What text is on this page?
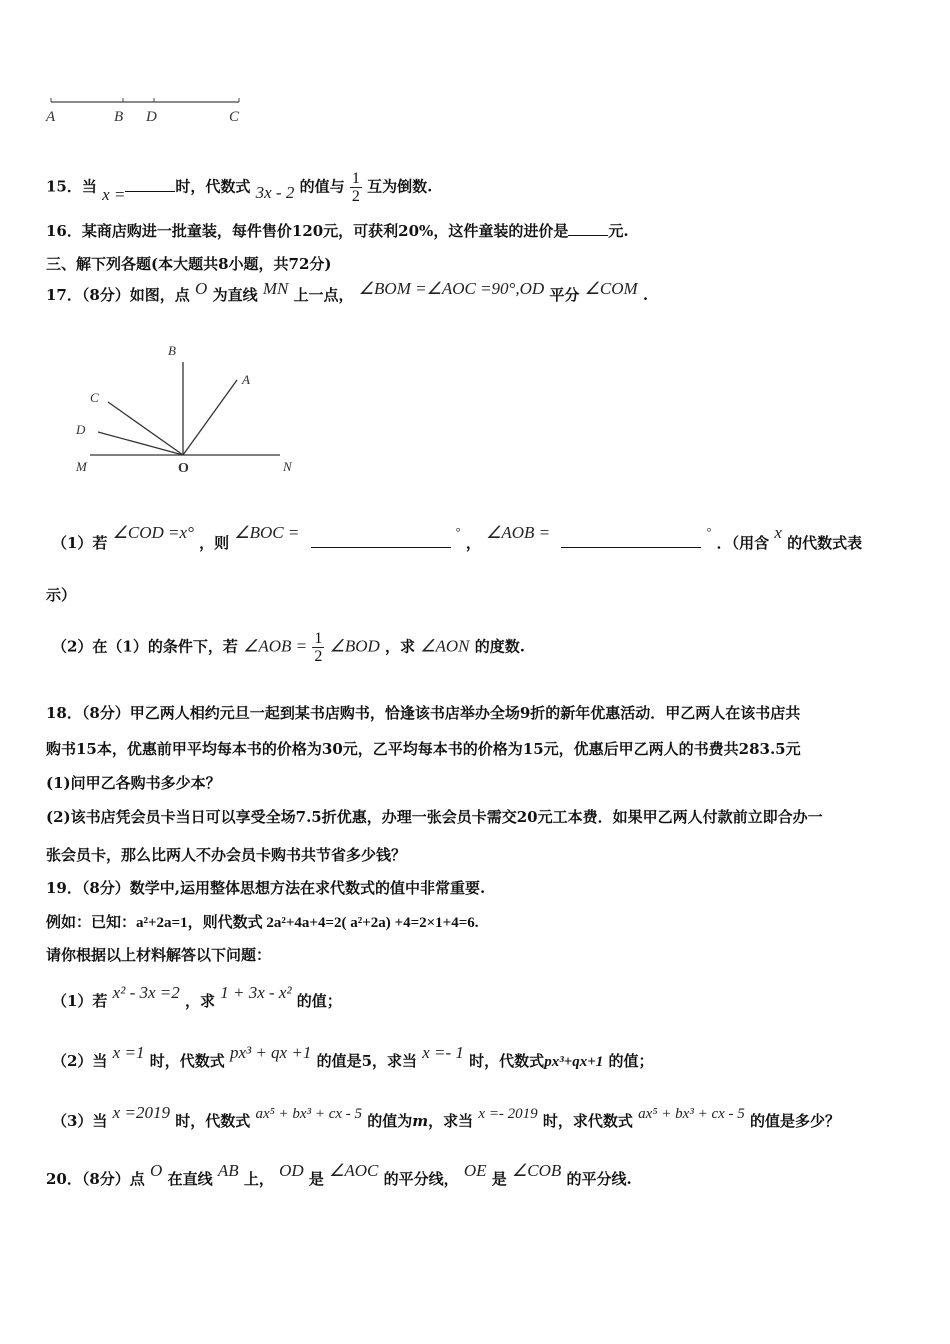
A	B D	C
15．当 x =	时，代数式 3x - 2 的值与 $\frac{1}{2}$ 互为倒数.
16．某商店购进一批童装，每件售价120元，可获利20%，这件童装的进价是	元.
三、解下列各题(本大题共8小题，共72分)
17．（8分）如图，点 O 为直线 MN 上一点， ∠BOM =∠AOC =90°,OD 平分 ∠COM .
B
A
C
D
M	O	N
（1）若 ∠COD =x° ，则 ∠BOC =	° ， ∠AOB =	° ．（用含 x 的代数式表
示）
（2）在（1）的条件下，若 ∠AOB = $\frac{1}{2}$ ∠BOD ，求 ∠AON 的度数.
18．（8分）甲乙两人相约元旦一起到某书店购书，恰逢该书店举办全场9折的新年优惠活动．甲乙两人在该书店共
购书15本，优惠前甲平均每本书的价格为30元，乙平均每本书的价格为15元，优惠后甲乙两人的书费共283.5元
(1)问甲乙各购书多少本？
(2)该书店凭会员卡当日可以享受全场7.5折优惠，办理一张会员卡需交20元工本费．如果甲乙两人付款前立即合办一
张会员卡，那么比两人不办会员卡购书共节省多少钱？
19．（8分）数学中,运用整体思想方法在求代数式的值中非常重要.
例如：已知：a²+2a=1，则代数式 2a²+4a+4=2( a²+2a) +4=2×1+4=6.
请你根据以上材料解答以下问题：
（1）若 x² - 3x =2 ，求 1 + 3x - x² 的值；
（2）当 x =1 时，代数式 px³ + qx +1 的值是5，求当 x =- 1 时，代数式px³+qx+1 的值；
（3）当 x =2019 时，代数式 ax⁵ + bx³ + cx - 5 的值为m，求当 x =- 2019 时，求代数式 ax⁵ + bx³ + cx - 5 的值是多少？
20．（8分）点 O 在直线 AB 上， OD 是 ∠AOC 的平分线， OE 是 ∠COB 的平分线.
